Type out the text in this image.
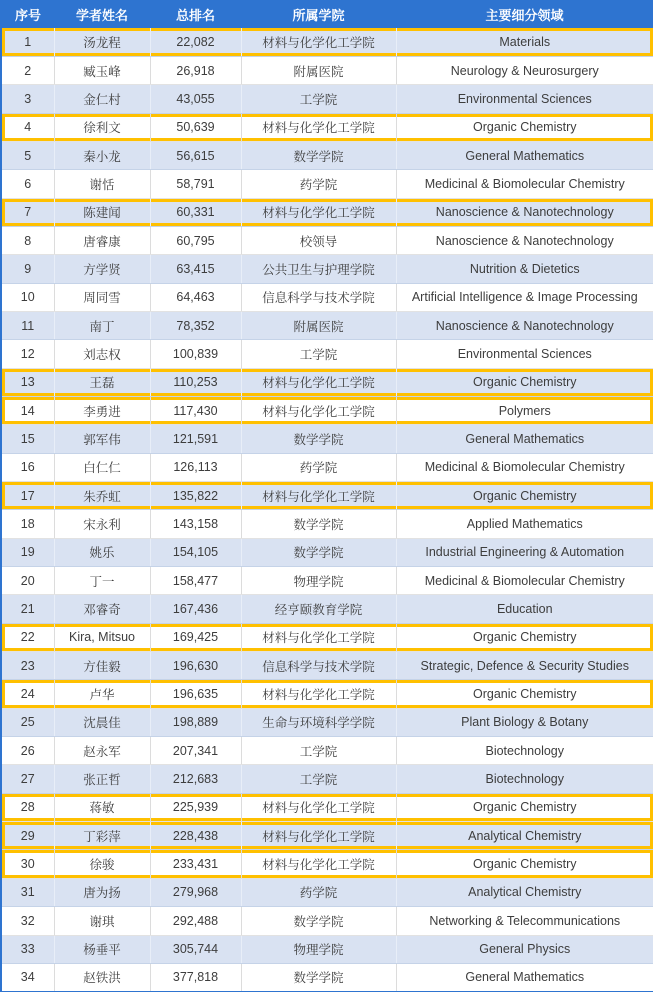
序号	学者姓名	总排名	所属学院	主要细分领域
1	汤龙程	22,082	材料与化学化工学院	Materials
2	臧玉峰	26,918	附属医院	Neurology & Neurosurgery
3	金仁村	43,055	工学院	Environmental Sciences
4	徐利文	50,639	材料与化学化工学院	Organic Chemistry
5	秦小龙	56,615	数学学院	General Mathematics
6	谢恬	58,791	药学院	Medicinal & Biomolecular Chemistry
7	陈建闻	60,331	材料与化学化工学院	Nanoscience & Nanotechnology
8	唐睿康	60,795	校领导	Nanoscience & Nanotechnology
9	方学贤	63,415	公共卫生与护理学院	Nutrition & Dietetics
10	周同雪	64,463	信息科学与技术学院	Artificial Intelligence & Image Processing
11	南丁	78,352	附属医院	Nanoscience & Nanotechnology
12	刘志权	100,839	工学院	Environmental Sciences
13	王磊	110,253	材料与化学化工学院	Organic Chemistry
14	李勇进	117,430	材料与化学化工学院	Polymers
15	郭军伟	121,591	数学学院	General Mathematics
16	白仁仁	126,113	药学院	Medicinal & Biomolecular Chemistry
17	朱乔虹	135,822	材料与化学化工学院	Organic Chemistry
18	宋永利	143,158	数学学院	Applied Mathematics
19	姚乐	154,105	数学学院	Industrial Engineering & Automation
20	丁一	158,477	物理学院	Medicinal & Biomolecular Chemistry
21	邓睿奇	167,436	经亨颐教育学院	Education
22	Kira, Mitsuo	169,425	材料与化学化工学院	Organic Chemistry
23	方佳毅	196,630	信息科学与技术学院	Strategic, Defence & Security Studies
24	卢华	196,635	材料与化学化工学院	Organic Chemistry
25	沈晨佳	198,889	生命与环境科学学院	Plant Biology & Botany
26	赵永军	207,341	工学院	Biotechnology
27	张正哲	212,683	工学院	Biotechnology
28	蒋敏	225,939	材料与化学化工学院	Organic Chemistry
29	丁彩萍	228,438	材料与化学化工学院	Analytical Chemistry
30	徐骏	233,431	材料与化学化工学院	Organic Chemistry
31	唐为扬	279,968	药学院	Analytical Chemistry
32	谢琪	292,488	数学学院	Networking & Telecommunications
33	杨垂平	305,744	物理学院	General Physics
34	赵铁洪	377,818	数学学院	General Mathematics
